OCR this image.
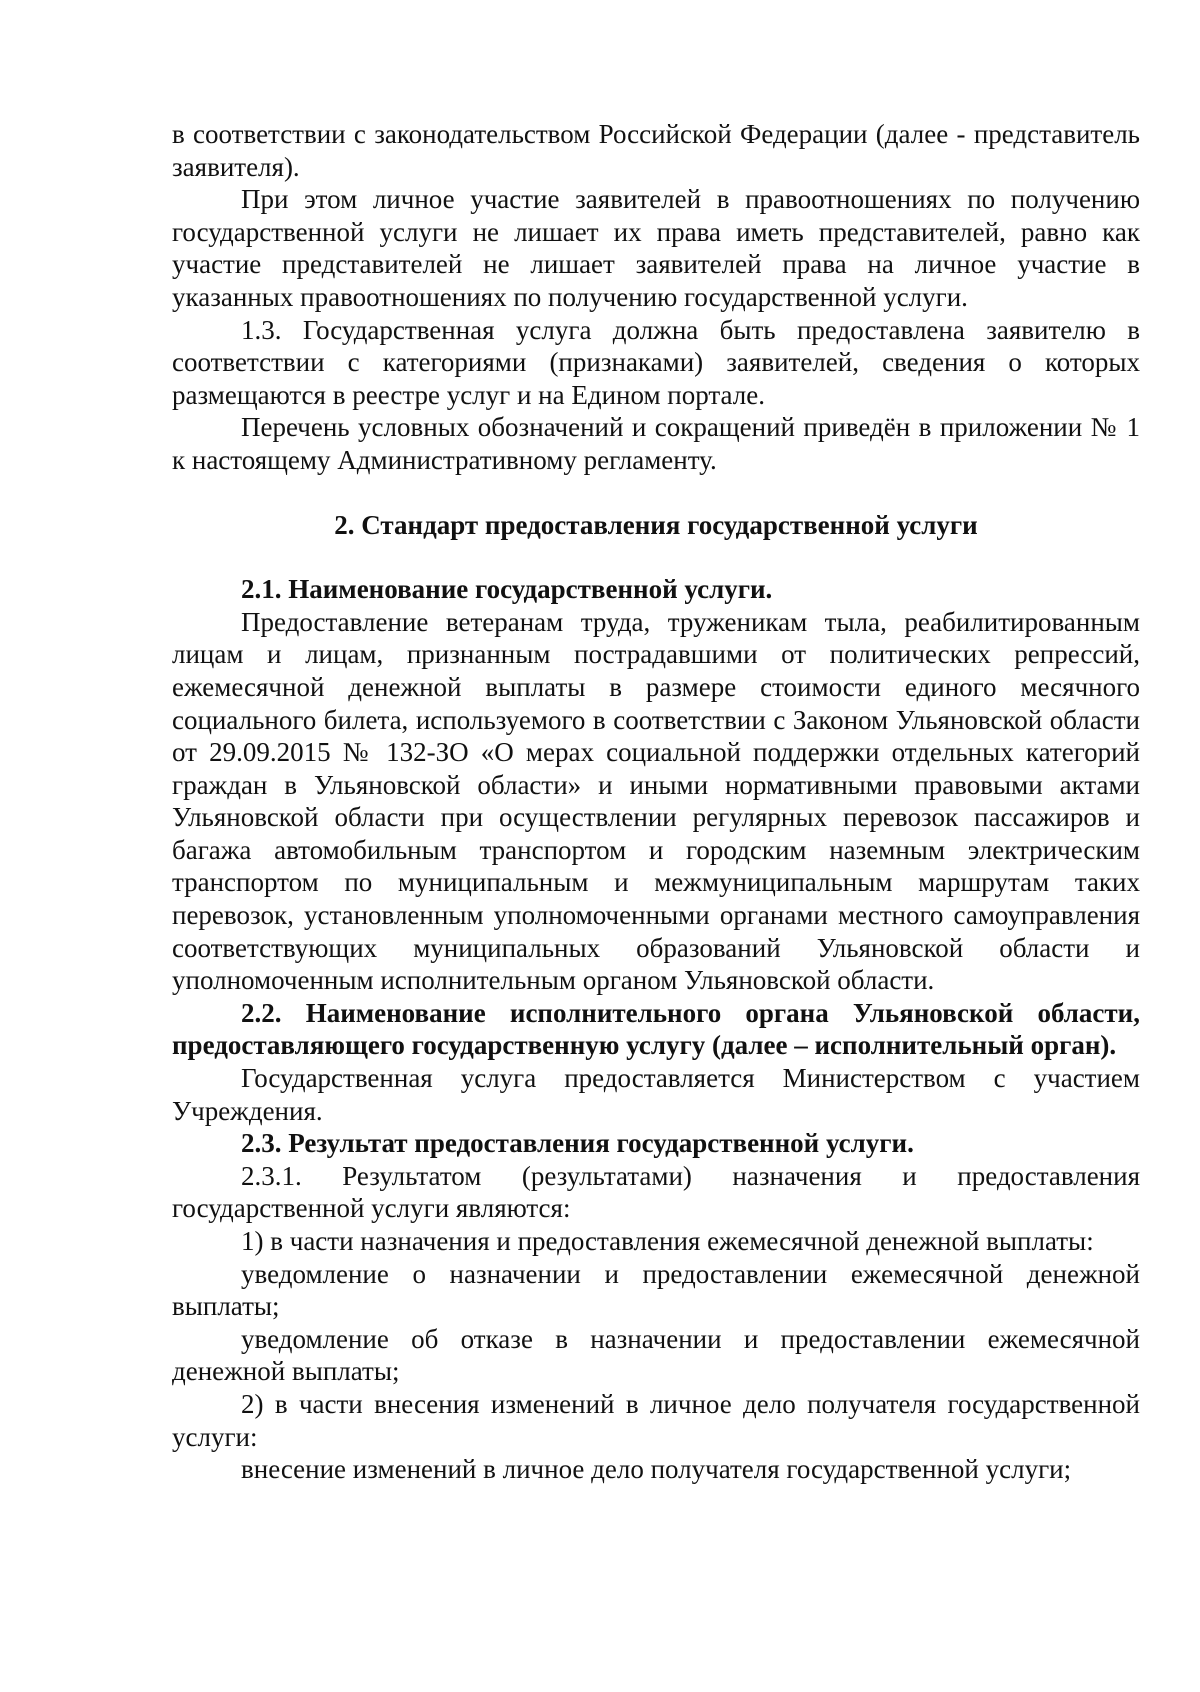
в соответствии с законодательством Российской Федерации (далее - представитель заявителя).

При этом личное участие заявителей в правоотношениях по получению государственной услуги не лишает их права иметь представителей, равно как участие представителей не лишает заявителей права на личное участие в указанных правоотношениях по получению государственной услуги.

1.3. Государственная услуга должна быть предоставлена заявителю в соответствии с категориями (признаками) заявителей, сведения о которых размещаются в реестре услуг и на Едином портале.

Перечень условных обозначений и сокращений приведён в приложении № 1 к настоящему Административному регламенту.

2. Стандарт предоставления государственной услуги

2.1. Наименование государственной услуги.

Предоставление ветеранам труда, труженикам тыла, реабилитированным лицам и лицам, признанным пострадавшими от политических репрессий, ежемесячной денежной выплаты в размере стоимости единого месячного социального билета, используемого в соответствии с Законом Ульяновской области от 29.09.2015 № 132-ЗО «О мерах социальной поддержки отдельных категорий граждан в Ульяновской области» и иными нормативными правовыми актами Ульяновской области при осуществлении регулярных перевозок пассажиров и багажа автомобильным транспортом и городским наземным электрическим транспортом по муниципальным и межмуниципальным маршрутам таких перевозок, установленным уполномоченными органами местного самоуправления соответствующих муниципальных образований Ульяновской области и уполномоченным исполнительным органом Ульяновской области.

2.2. Наименование исполнительного органа Ульяновской области, предоставляющего государственную услугу (далее – исполнительный орган).

Государственная услуга предоставляется Министерством с участием Учреждения.

2.3. Результат предоставления государственной услуги.

2.3.1. Результатом (результатами) назначения и предоставления государственной услуги являются:

1) в части назначения и предоставления ежемесячной денежной выплаты:

уведомление о назначении и предоставлении ежемесячной денежной выплаты;

уведомление об отказе в назначении и предоставлении ежемесячной денежной выплаты;

2) в части внесения изменений в личное дело получателя государственной услуги:

внесение изменений в личное дело получателя государственной услуги;
